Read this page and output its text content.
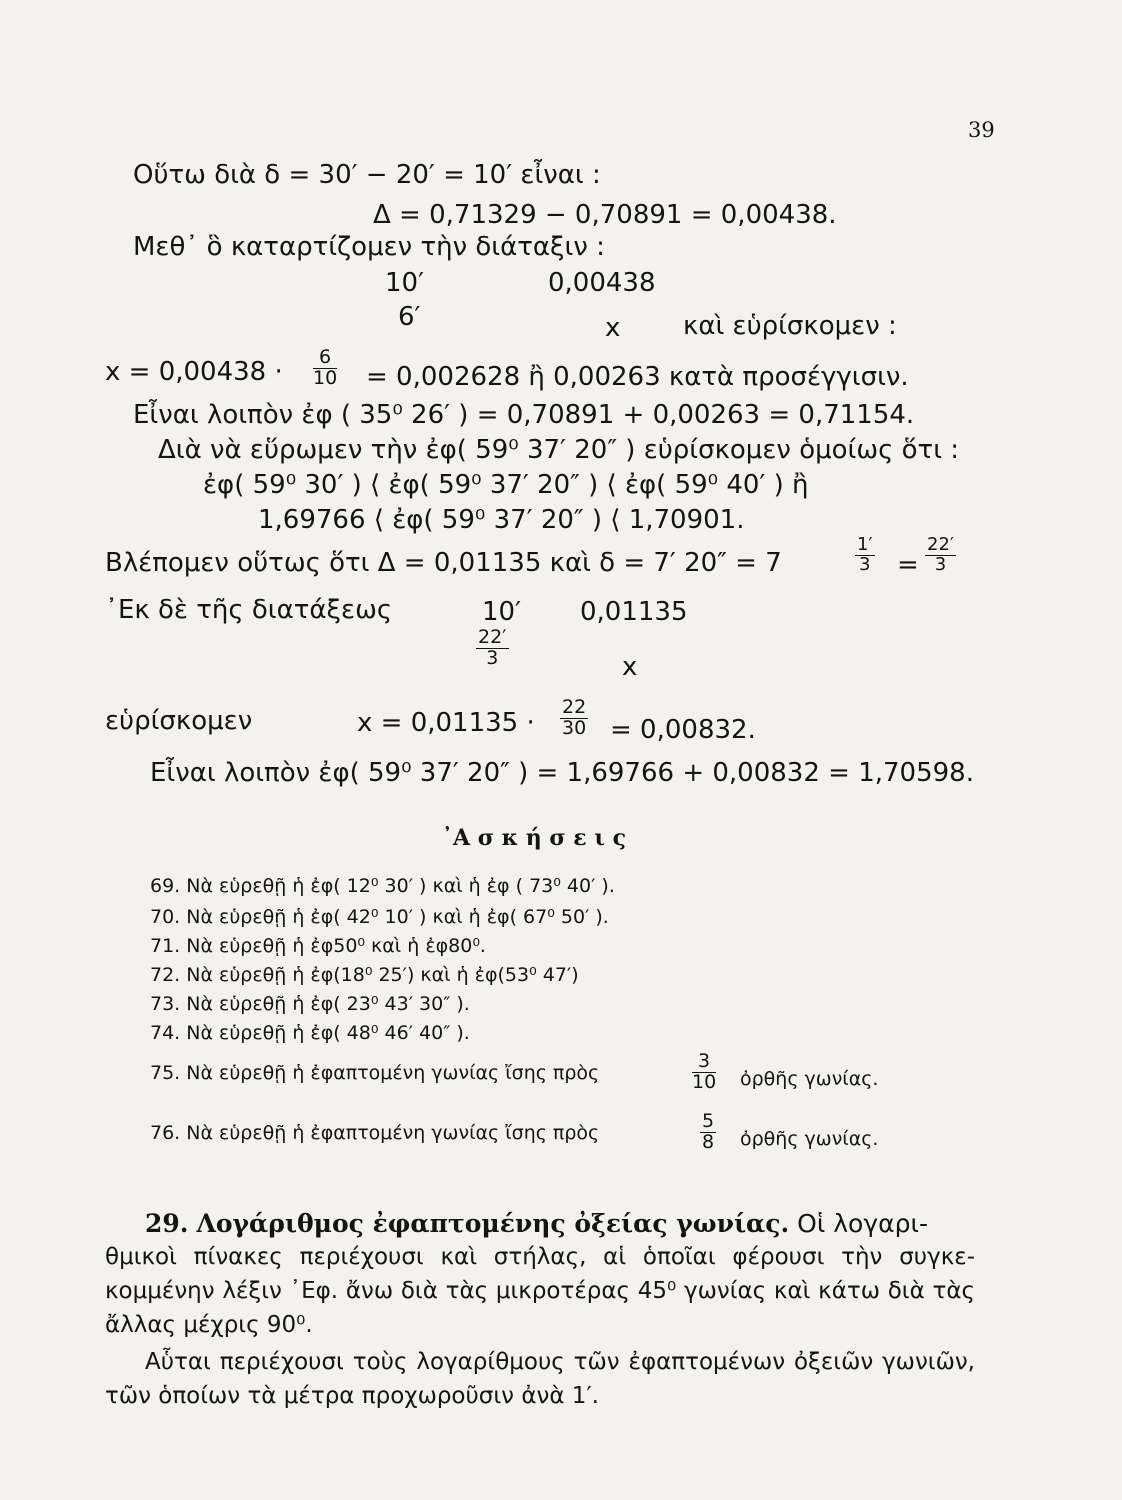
39
Οὕτω διὰ δ = 30′ − 20′ = 10′ εἶναι :
Δ = 0,71329 − 0,70891 = 0,00438.
Μεθ᾿ ὃ καταρτίζομεν τὴν διάταξιν :
10′	0,00438
6′	x καὶ εὑρίσκομεν :
$x = 0,00438 \cdot \frac{6}{10} = 0,002628$ ἢ 0,00263 κατὰ προσέγγισιν.
Εἶναι λοιπὸν ἐφ ( 35⁰ 26′ ) = 0,70891 + 0,00263 = 0,71154.
Διὰ νὰ εὕρωμεν τὴν ἐφ( 59⁰ 37′ 20″ ) εὑρίσκομεν ὁμοίως ὅτι :
ἐφ( 59⁰ 30′ ) ⟨ ἐφ( 59⁰ 37′ 20″ ) ⟨ ἐφ( 59⁰ 40′ ) ἢ
1,69766 ⟨ ἐφ( 59⁰ 37′ 20″ ) ⟨ 1,70901.
Βλέπομεν οὕτως ὅτι Δ = 0,01135 καὶ δ = 7′ 20″ = 7	$\frac{1'}{3} = \frac{22'}{3}$
᾿Εκ δὲ τῆς διατάξεως	10′ 0,01135
$\frac{22'}{3}$	x
εὑρίσκομεν	$x = 0,01135 \cdot \frac{22}{30} = 0,00832$.
Εἶναι λοιπὸν ἐφ( 59⁰ 37′ 20″ ) = 1,69766 + 0,00832 = 1,70598.
᾿Α σ κ ή σ ε ι ς
69. Νὰ εὑρεθῇ ἡ ἐφ( 12⁰ 30′ ) καὶ ἡ ἐφ ( 73⁰ 40′ ).
70. Νὰ εὑρεθῇ ἡ ἐφ( 42⁰ 10′ ) καὶ ἡ ἐφ( 67⁰ 50′ ).
71. Νὰ εὑρεθῇ ἡ ἐφ50⁰ καὶ ἡ ἐφ80⁰.
72. Νὰ εὑρεθῇ ἡ ἐφ(18⁰ 25′) καὶ ἡ ἐφ(53⁰ 47′)
73. Νὰ εὑρεθῇ ἡ ἐφ( 23⁰ 43′ 30″ ).
74. Νὰ εὑρεθῇ ἡ ἐφ( 48⁰ 46′ 40″ ).
75. Νὰ εὑρεθῇ ἡ ἐφαπτομένη γωνίας ἴσης πρὸς	$\frac{3}{10}$ ὀρθῆς γωνίας.
76. Νὰ εὑρεθῇ ἡ ἐφαπτομένη γωνίας ἴσης πρὸς	$\frac{5}{8}$ ὀρθῆς γωνίας.
29. Λογάριθμος ἐφαπτομένης ὀξείας γωνίας. Οἱ λογαρι-
θμικοὶ πίνακες περιέχουσι καὶ στήλας, αἱ ὁποῖαι φέρουσι τὴν συγκεκομμένην λέξιν ᾿Εφ. ἄνω διὰ τὰς μικροτέρας 45⁰ γωνίας καὶ κάτω διὰ τὰς ἄλλας μέχρις 90⁰.
Αὗται περιέχουσι τοὺς λογαρίθμους τῶν ἐφαπτομένων ὀξειῶν γωνιῶν, τῶν ὁποίων τὰ μέτρα προχωροῦσιν ἀνὰ 1′.
